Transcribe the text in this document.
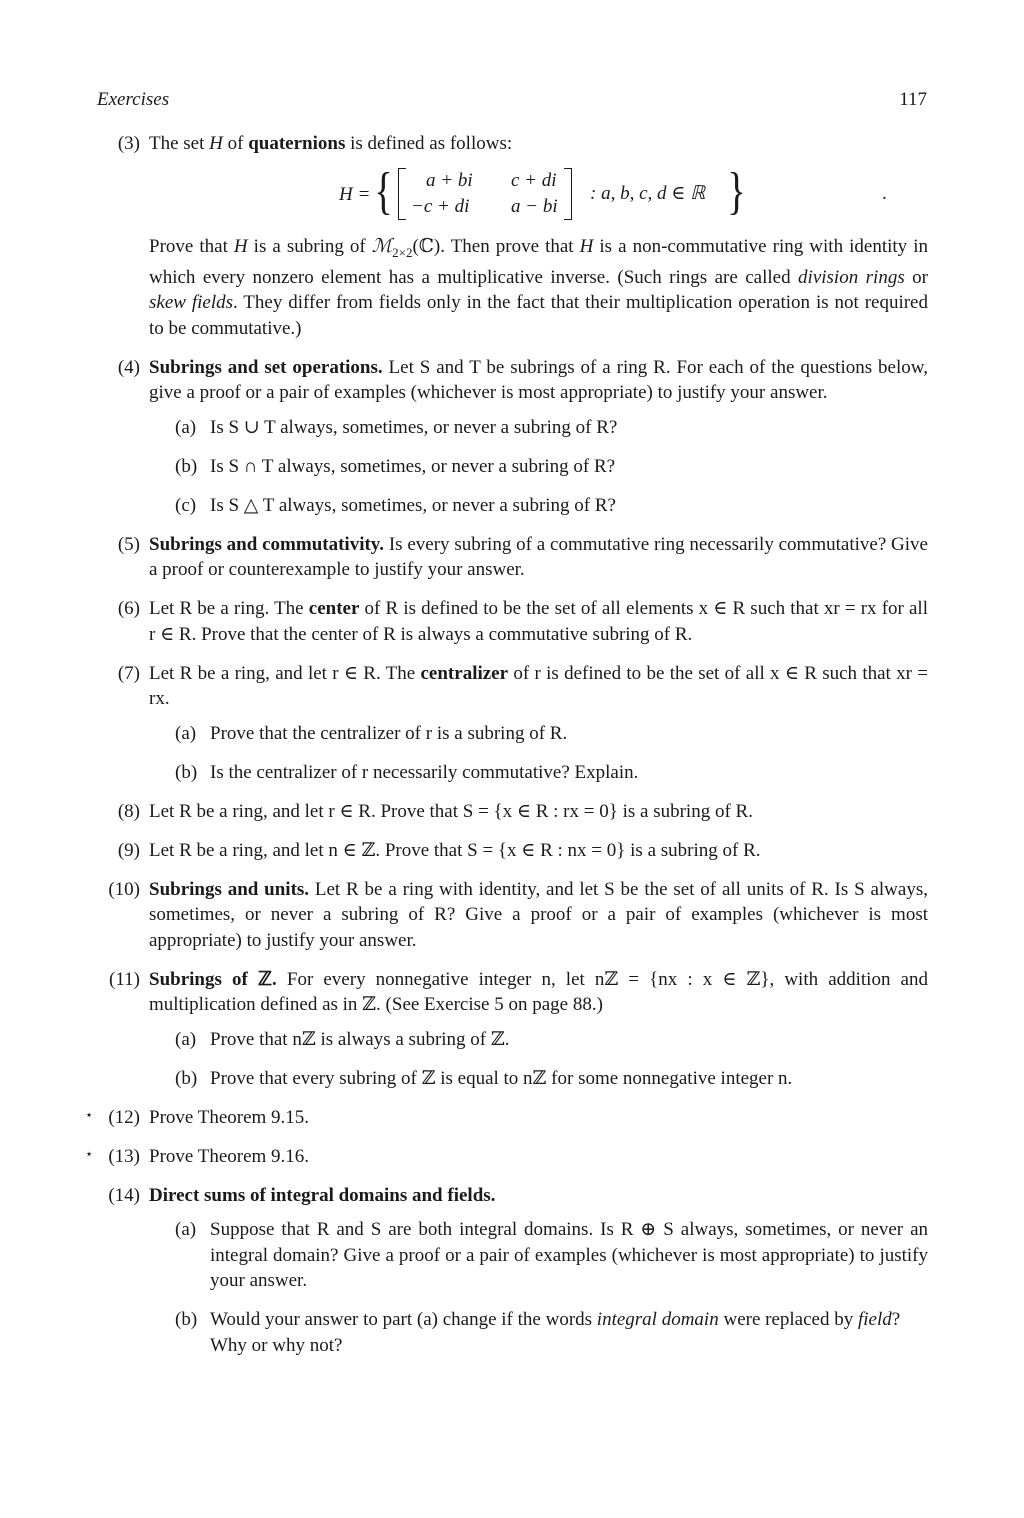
Exercises	117
(3) The set H of quaternions is defined as follows:

H = { a + bi c + di
−c + di a − bi
: a, b, c, d ∈ ℝ }	.

Prove that H is a subring of ℳ$_{2\times 2}$(ℂ). Then prove that H is a non-commutative ring with identity in which every nonzero element has a multiplicative inverse. (Such rings are called division rings or skew fields. They differ from fields only in the fact that their multiplication operation is not required to be commutative.)

(4) Subrings and set operations. Let S and T be subrings of a ring R. For each of the questions below, give a proof or a pair of examples (whichever is most appropriate) to justify your answer.

(a) Is S ∪ T always, sometimes, or never a subring of R?
(b) Is S ∩ T always, sometimes, or never a subring of R?
(c) Is S △ T always, sometimes, or never a subring of R?
(5) Subrings and commutativity. Is every subring of a commutative ring necessarily commutative? Give a proof or counterexample to justify your answer.

(6) Let R be a ring. The center of R is defined to be the set of all elements x ∈ R such that xr = rx for all r ∈ R. Prove that the center of R is always a commutative subring of R.

(7) Let R be a ring, and let r ∈ R. The centralizer of r is defined to be the set of all x ∈ R such that xr = rx.

(a) Prove that the centralizer of r is a subring of R.
(b) Is the centralizer of r necessarily commutative? Explain.
(8) Let R be a ring, and let r ∈ R. Prove that S = {x ∈ R : rx = 0} is a subring of R.

(9) Let R be a ring, and let n ∈ ℤ. Prove that S = {x ∈ R : nx = 0} is a subring of R.

(10) Subrings and units. Let R be a ring with identity, and let S be the set of all units of R. Is S always, sometimes, or never a subring of R? Give a proof or a pair of examples (whichever is most appropriate) to justify your answer.

(11) Subrings of ℤ. For every nonnegative integer n, let nℤ = {nx : x ∈ ℤ}, with addition and multiplication defined as in ℤ. (See Exercise 5 on page 88.)

(a) Prove that nℤ is always a subring of ℤ.
(b) Prove that every subring of ℤ is equal to nℤ for some nonnegative integer n.
⋆ (12) Prove Theorem 9.15.

⋆ (13) Prove Theorem 9.16.

(14) Direct sums of integral domains and fields.

(a) Suppose that R and S are both integral domains. Is R ⊕ S always, sometimes, or never an integral domain? Give a proof or a pair of examples (whichever is most appropriate) to justify your answer.
(b) Would your answer to part (a) change if the words integral domain were replaced by field? Why or why not?
